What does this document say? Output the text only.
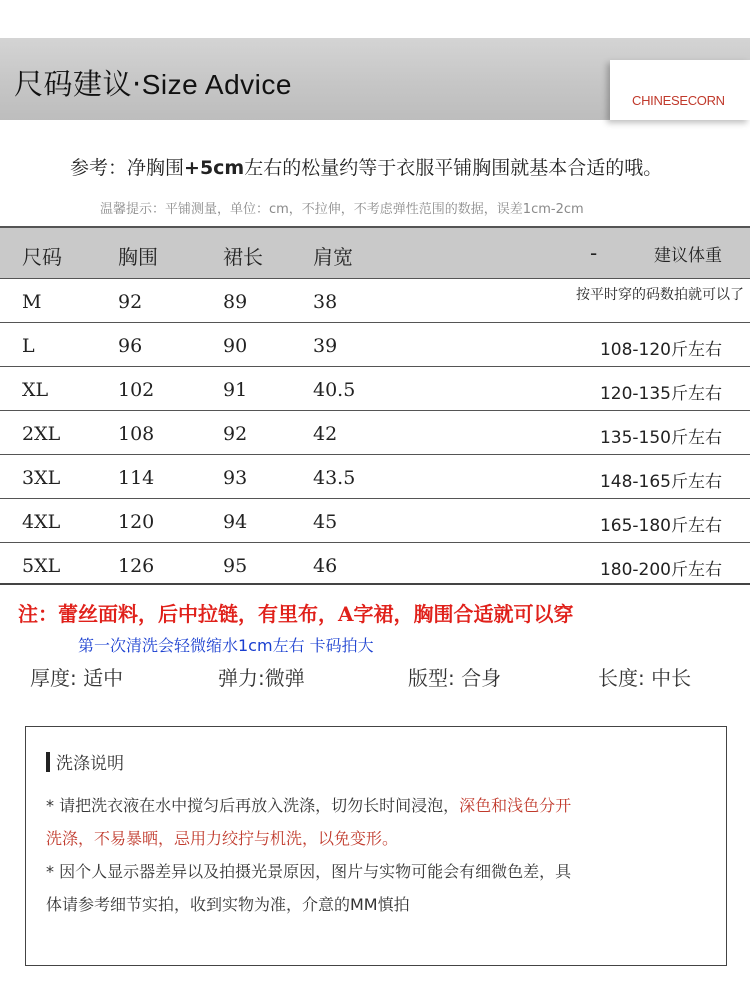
尺码建议·Size Advice
CHINESECORN
参考：净胸围+5cm左右的松量约等于衣服平铺胸围就基本合适的哦。
温馨提示：平铺测量，单位：cm，不拉伸，不考虑弹性范围的数据，误差1cm-2cm
尺码	胸围	裙长	肩宽	-	建议体重
M	92	89	38	按平时穿的码数拍就可以了
L	96	90	39	108-120斤左右
XL	102	91	40.5	120-135斤左右
2XL	108	92	42	135-150斤左右
3XL	114	93	43.5	148-165斤左右
4XL	120	94	45	165-180斤左右
5XL	126	95	46	180-200斤左右
注：蕾丝面料，后中拉链，有里布，A字裙，胸围合适就可以穿
第一次清洗会轻微缩水1cm左右 卡码拍大
厚度: 适中	弹力:微弹	版型: 合身	长度: 中长
洗涤说明
* 请把洗衣液在水中搅匀后再放入洗涤，切勿长时间浸泡，深色和浅色分开
洗涤，不易暴晒，忌用力绞拧与机洗，以免变形。
* 因个人显示器差异以及拍摄光景原因，图片与实物可能会有细微色差，具
体请参考细节实拍，收到实物为准，介意的MM慎拍
